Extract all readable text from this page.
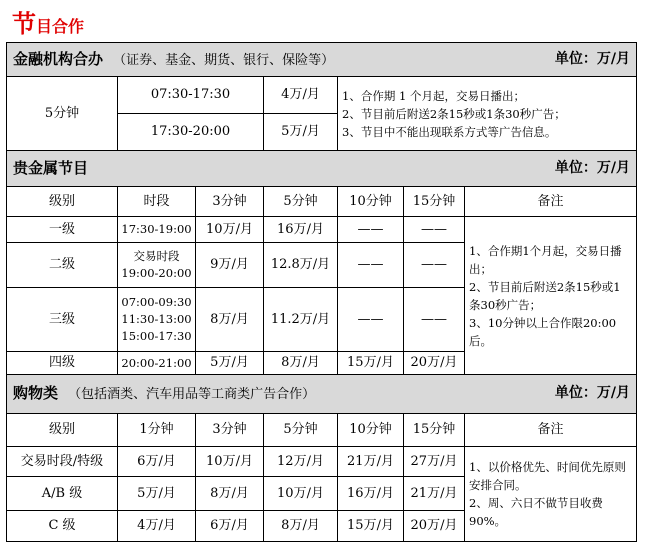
节目合作
单位：万/月
金融机构合办 （证券、基金、期货、银行、保险等）						
5分钟	07:30-17:30		4万/月	1、合作期 1 个月起，交易日播出；
2、节目前后附送2条15秒或1条30秒广告；
3、节目中不能出现联系方式等广告信息。		

	17:30-20:00		5万/月			

单位：万/月
贵金属节目						
级别	时段	3分钟	5分钟	10分钟	15分钟	备注
一级	17:30-19:00	10万/月	16万/月	——	——	1、合作期1个月起，交易日播出；
2、节目前后附送2条15秒或1条30秒广告；
3、10分钟以上合作限20:00后。

二级	交易时段
19:00-20:00	9万/月	12.8万/月	——	——	
三级	07:00-09:30
11:30-13:00
15:00-17:30	8万/月	11.2万/月	——	——	
四级	20:00-21:00	5万/月	8万/月	15万/月	20万/月	

单位：万/月
购物类 （包括酒类、汽车用品等工商类广告合作）						
级别	1分钟	3分钟	5分钟	10分钟	15分钟	备注
交易时段/特级	6万/月	10万/月	12万/月	21万/月	27万/月	1、以价格优先、时间优先原则安排合同。
2、周、六日不做节目收费90%。

A/B 级	5万/月	8万/月	10万/月	16万/月	21万/月	
C 级	4万/月	6万/月	8万/月	15万/月	20万/月	
